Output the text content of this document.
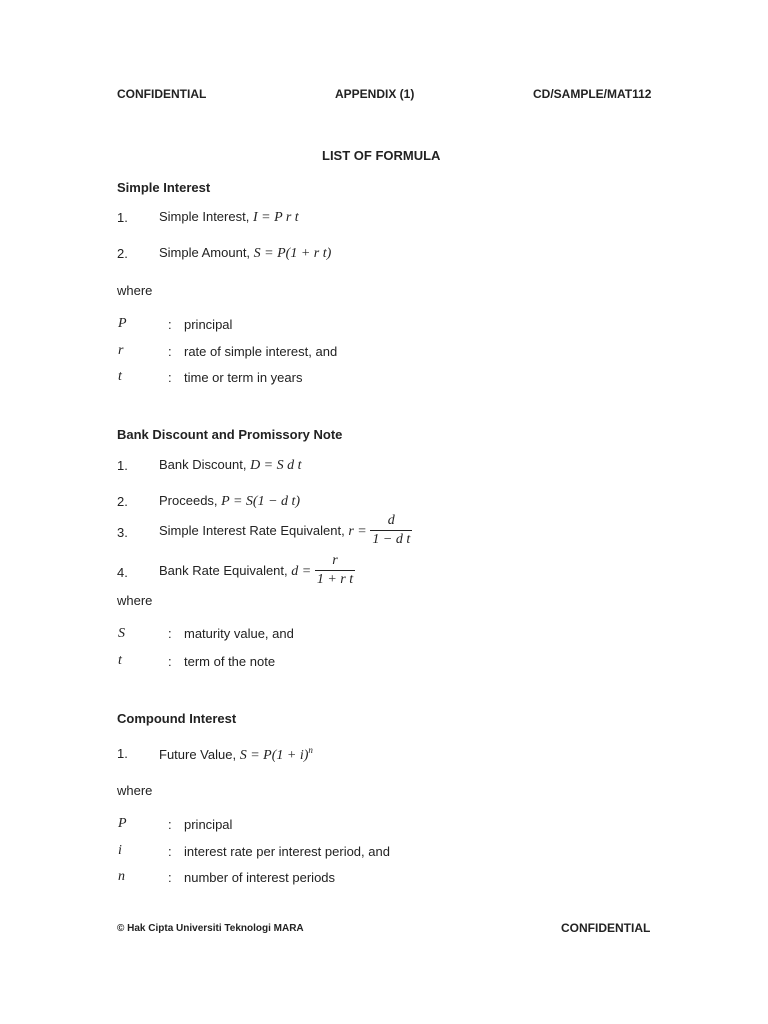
CONFIDENTIAL	APPENDIX (1)	CD/SAMPLE/MAT112
LIST OF FORMULA
Simple Interest
1. Simple Interest, I = P r t
2. Simple Amount, S = P(1 + r t)
where
P	: principal
r	: rate of simple interest, and
t	: time or term in years
Bank Discount and Promissory Note
1. Bank Discount, D = S d t
2. Proceeds, P = S(1 − d t)
3. Simple Interest Rate Equivalent, $r = \frac{d}{\text{1 − d t}}$
4. Bank Rate Equivalent, $d = \frac{r}{\text{1 + r t}}$
where
S	: maturity value, and
t	: term of the note
Compound Interest
1. Future Value, $S = P(1 + i)^n$
where
P	: principal
i	: interest rate per interest period, and
n	: number of interest periods
© Hak Cipta Universiti Teknologi MARA	CONFIDENTIAL
